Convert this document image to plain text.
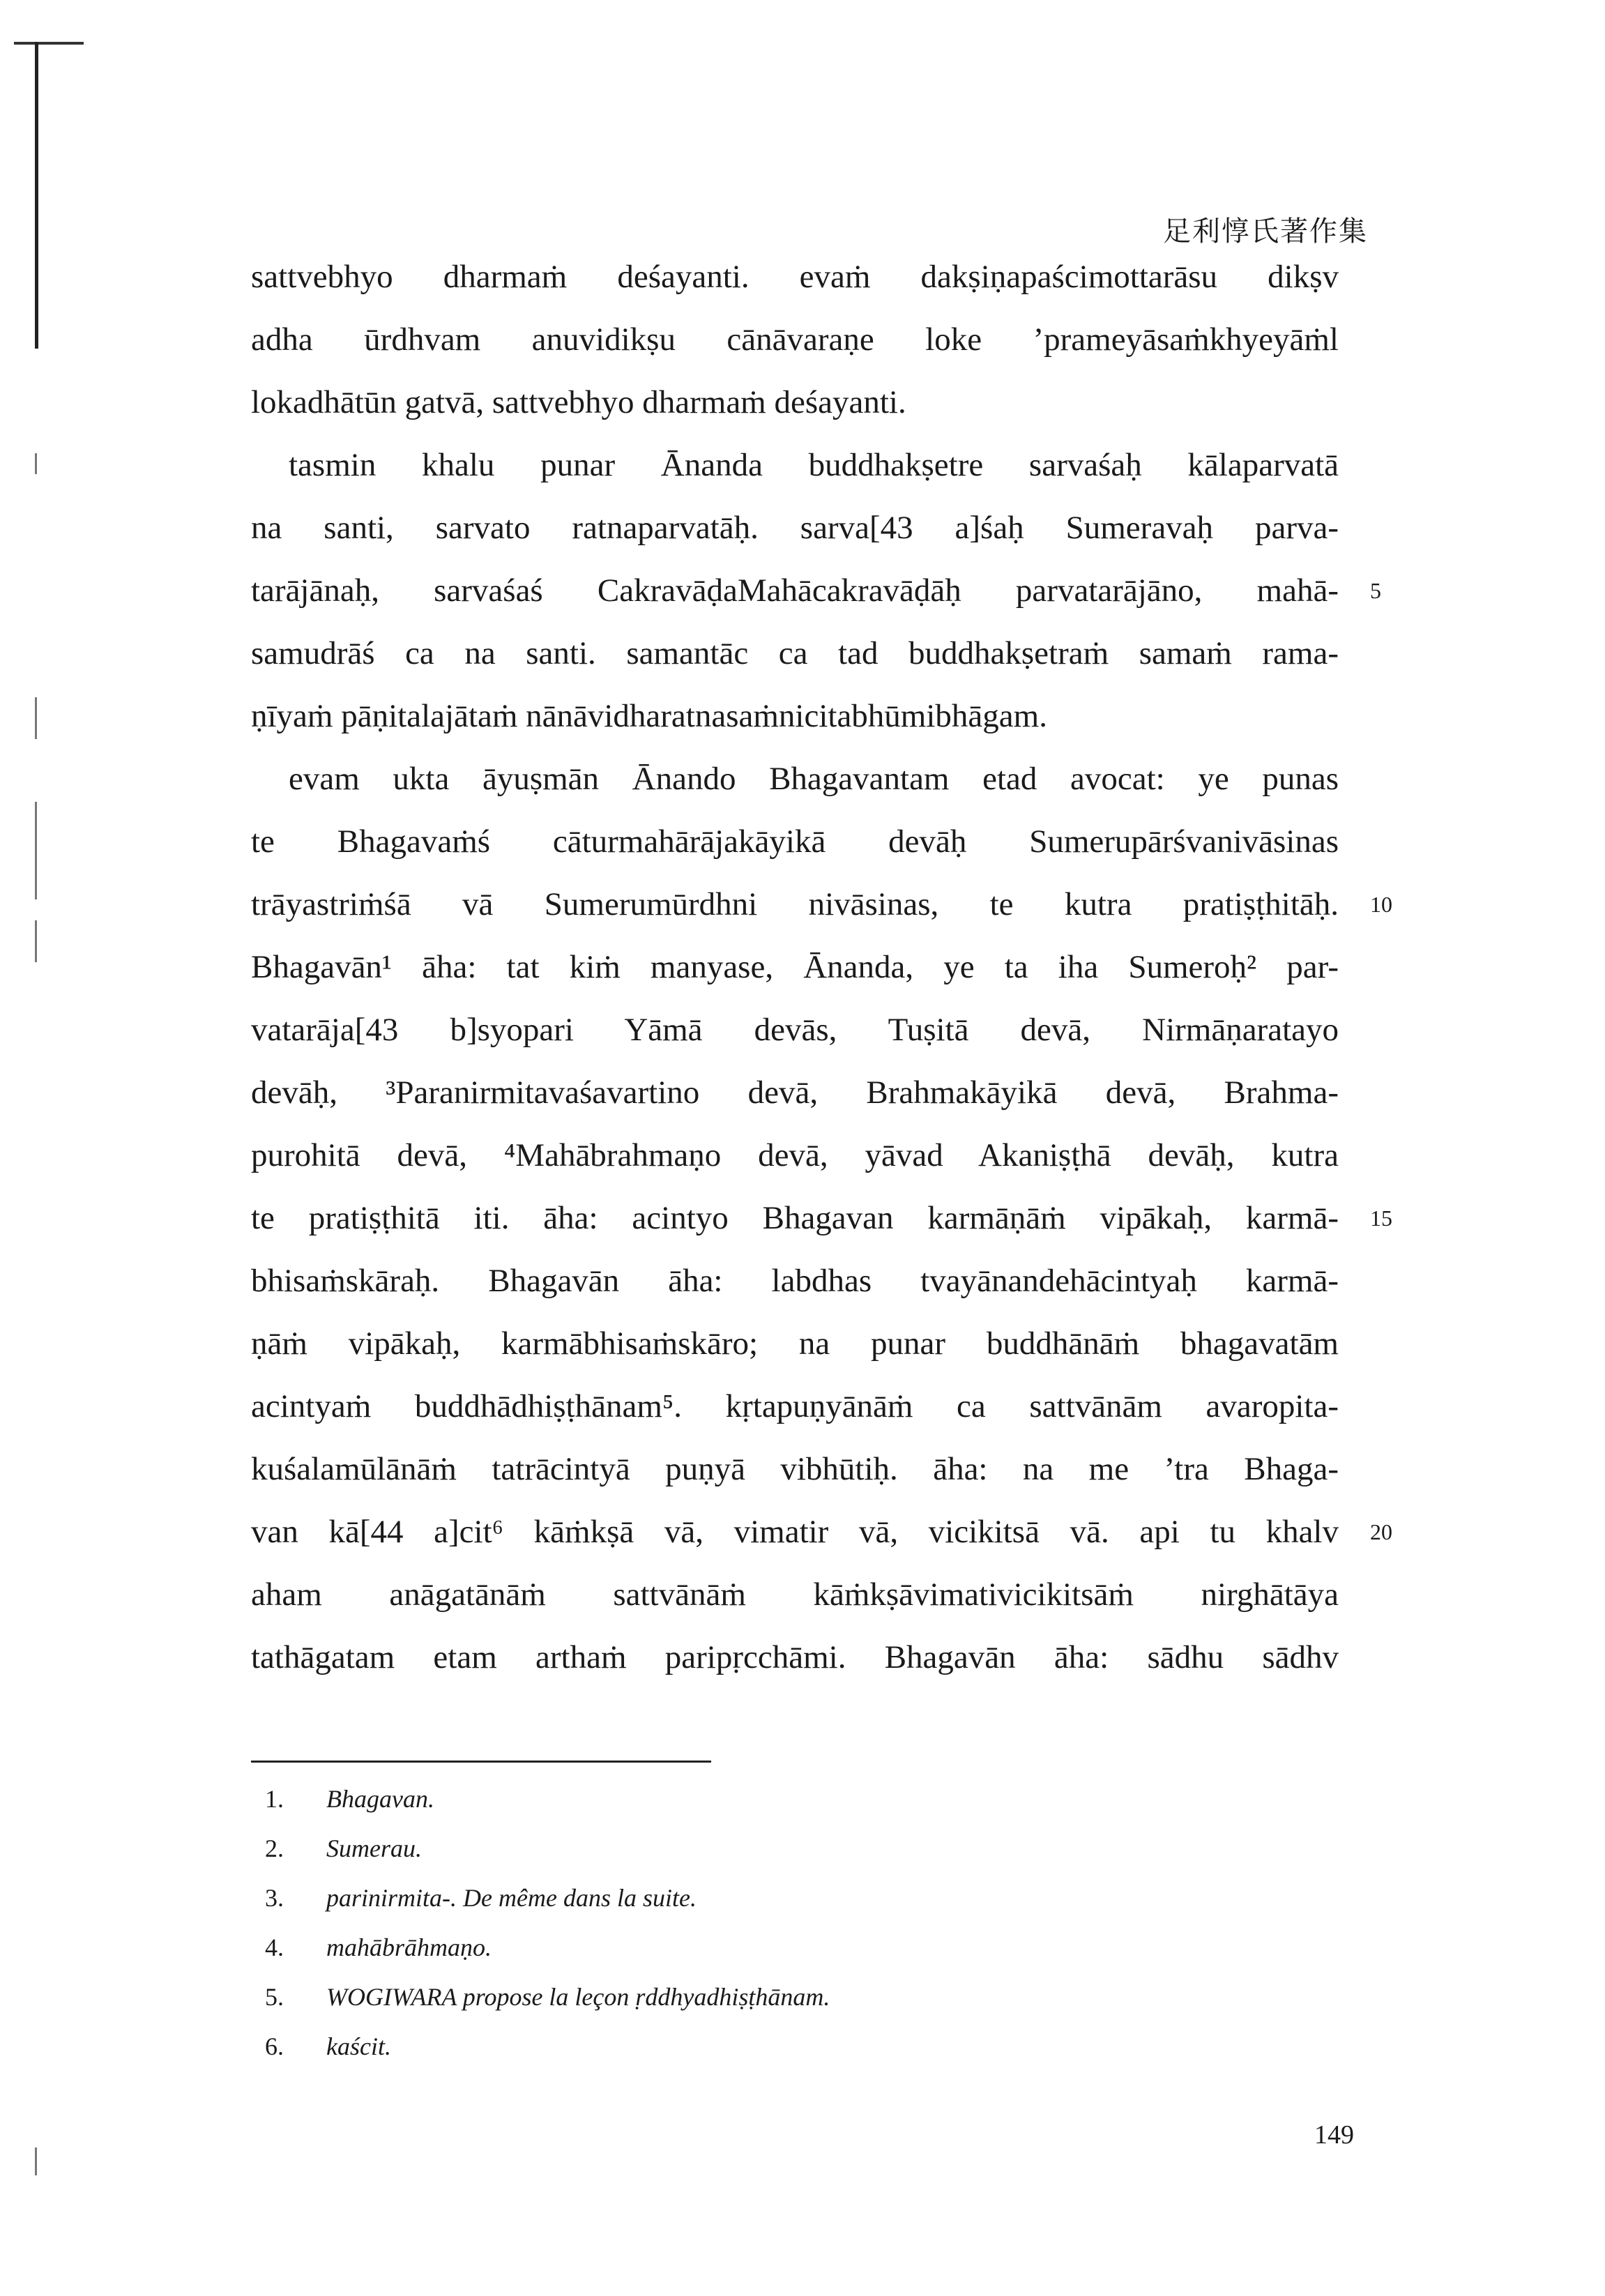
足利惇氏著作集
sattvebhyo dharmaṁ deśayanti. evaṁ dakṣiṇapaścimottarāsu dikṣv
adha ūrdhvam anuvidikṣu cānāvaraṇe loke ’prameyāsaṁkhyeyāṁl
lokadhātūn gatvā, sattvebhyo dharmaṁ deśayanti.
tasmin khalu punar Ānanda buddhakṣetre sarvaśaḥ kālaparvatā
na santi, sarvato ratnaparvatāḥ. sarva[43 a]śaḥ Sumeravaḥ parva-
tarājānaḥ, sarvaśaś CakravāḍaMahācakravāḍāḥ parvatarājāno, mahā- 5
samudrāś ca na santi. samantāc ca tad buddhakṣetraṁ samaṁ rama-
ṇīyaṁ pāṇitalajātaṁ nānāvidharatnasaṁnicitabhūmibhāgam.
evam ukta āyuṣmān Ānando Bhagavantam etad avocat: ye punas
te Bhagavaṁś cāturmahārājakāyikā devāḥ Sumerupārśvanivāsinas
trāyastriṁśā vā Sumerumūrdhni nivāsinas, te kutra pratiṣṭhitāḥ. 10
Bhagavān¹ āha: tat kiṁ manyase, Ānanda, ye ta iha Sumeroḥ² par-
vatarāja[43 b]syopari Yāmā devās, Tuṣitā devā, Nirmāṇaratayo
devāḥ, ³Paranirmitavaśavartino devā, Brahmakāyikā devā, Brahma-
purohitā devā, ⁴Mahābrahmaṇo devā, yāvad Akaniṣṭhā devāḥ, kutra
te pratiṣṭhitā iti. āha: acintyo Bhagavan karmāṇāṁ vipākaḥ, karmā- 15
bhisaṁskāraḥ. Bhagavān āha: labdhas tvayānandehācintyaḥ karmā-
ṇāṁ vipākaḥ, karmābhisaṁskāro; na punar buddhānāṁ bhagavatām
acintyaṁ buddhādhiṣṭhānam⁵. kṛtapuṇyānāṁ ca sattvānām avaropita-
kuśalamūlānāṁ tatrācintyā puṇyā vibhūtiḥ. āha: na me ’tra Bhaga-
van kā[44 a]cit⁶ kāṁkṣā vā, vimatir vā, vicikitsā vā. api tu khalv 20
aham anāgatānāṁ sattvānāṁ kāṁkṣāvimativicikitsāṁ nirghātāya
tathāgatam etam arthaṁ paripṛcchāmi. Bhagavān āha: sādhu sādhv
1. Bhagavan.
2. Sumerau.
3. parinirmita-. De même dans la suite.
4. mahābrāhmaṇo.
5. WOGIWARA propose la leçon ṛddhyadhiṣṭhānam.
6. kaścit.
149
